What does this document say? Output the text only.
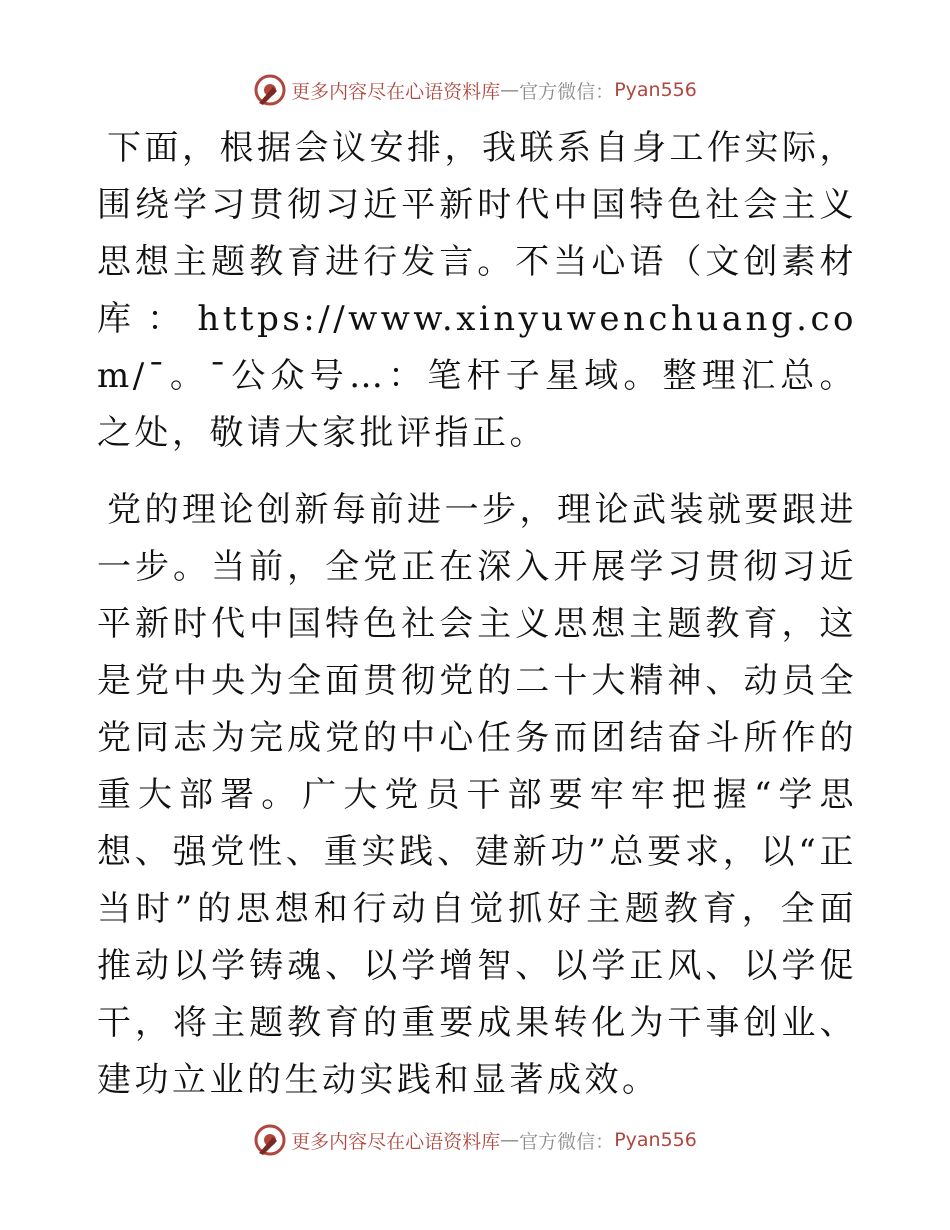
更多内容尽在心语资料库 — 官方微信： Pyan556

下面，根据会议安排，我联系自身工作实际，围绕学习贯彻习近平新时代中国特色社会主义思想主题教育进行发言。不当心语（文创素材库：https://www.xinyuwenchuang.com/¯。¯公众号…：笔杆子星域。整理汇总。之处，敬请大家批评指正。

党的理论创新每前进一步，理论武装就要跟进一步。当前，全党正在深入开展学习贯彻习近平新时代中国特色社会主义思想主题教育，这是党中央为全面贯彻党的二十大精神、动员全党同志为完成党的中心任务而团结奋斗所作的重大部署。广大党员干部要牢牢把握“学思想、强党性、重实践、建新功”总要求，以“正当时”的思想和行动自觉抓好主题教育，全面推动以学铸魂、以学增智、以学正风、以学促干，将主题教育的重要成果转化为干事创业、建功立业的生动实践和显著成效。

更多内容尽在心语资料库 — 官方微信： Pyan556
